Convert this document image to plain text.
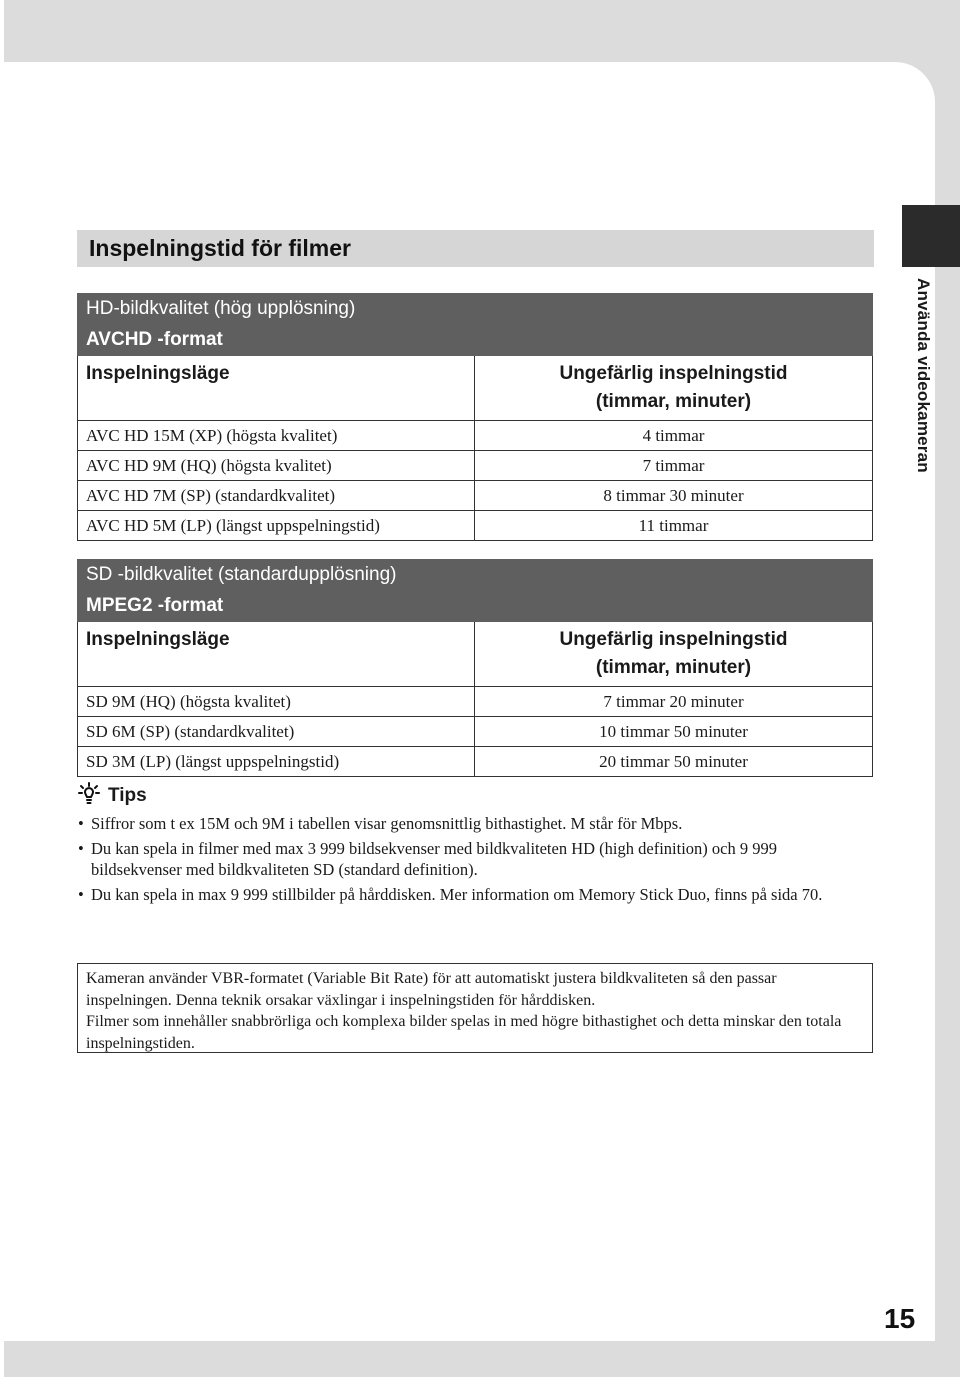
Använda videokameran
Inspelningstid för filmer
HD-bildkvalitet (hög upplösning)	
AVCHD -format	
Inspelningsläge	Ungefärlig inspelningstid
(timmar, minuter)

AVC HD 15M (XP) (högsta kvalitet)	4 timmar
AVC HD 9M (HQ) (högsta kvalitet)	7 timmar
AVC HD 7M (SP) (standardkvalitet)	8 timmar 30 minuter
AVC HD 5M (LP) (längst uppspelningstid)	11 timmar
SD -bildkvalitet (standardupplösning)	
MPEG2 -format	
Inspelningsläge	Ungefärlig inspelningstid
(timmar, minuter)

SD 9M (HQ) (högsta kvalitet)	7 timmar 20 minuter
SD 6M (SP) (standardkvalitet)	10 timmar 50 minuter
SD 3M (LP) (längst uppspelningstid)	20 timmar 50 minuter
Tips
• Siffror som t ex 15M och 9M i tabellen visar genomsnittlig bithastighet. M står för Mbps.
• Du kan spela in filmer med max 3 999 bildsekvenser med bildkvaliteten HD (high definition) och 9 999 bildsekvenser med bildkvaliteten SD (standard definition).
• Du kan spela in max 9 999 stillbilder på hårddisken. Mer information om Memory Stick Duo, finns på sida 70.
Kameran använder VBR-formatet (Variable Bit Rate) för att automatiskt justera bildkvaliteten så den passar inspelningen. Denna teknik orsakar växlingar i inspelningstiden för hårddisken.
Filmer som innehåller snabbrörliga och komplexa bilder spelas in med högre bithastighet och detta minskar den totala inspelningstiden.
15
